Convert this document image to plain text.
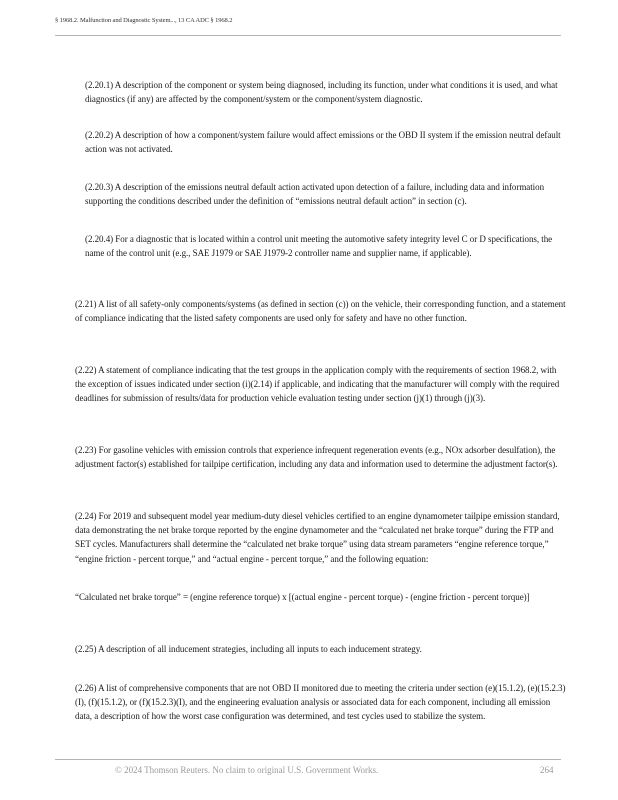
§ 1968.2. Malfunction and Diagnostic System..., 13 CA ADC § 1968.2

(2.20.1) A description of the component or system being diagnosed, including its function, under what conditions it is used, and what diagnostics (if any) are affected by the component/system or the component/system diagnostic.

(2.20.2) A description of how a component/system failure would affect emissions or the OBD II system if the emission neutral default action was not activated.

(2.20.3) A description of the emissions neutral default action activated upon detection of a failure, including data and information supporting the conditions described under the definition of “emissions neutral default action” in section (c).

(2.20.4) For a diagnostic that is located within a control unit meeting the automotive safety integrity level C or D specifications, the name of the control unit (e.g., SAE J1979 or SAE J1979-2 controller name and supplier name, if applicable).

(2.21) A list of all safety-only components/systems (as defined in section (c)) on the vehicle, their corresponding function, and a statement of compliance indicating that the listed safety components are used only for safety and have no other function.

(2.22) A statement of compliance indicating that the test groups in the application comply with the requirements of section 1968.2, with the exception of issues indicated under section (i)(2.14) if applicable, and indicating that the manufacturer will comply with the required deadlines for submission of results/data for production vehicle evaluation testing under section (j)(1) through (j)(3).

(2.23) For gasoline vehicles with emission controls that experience infrequent regeneration events (e.g., NOx adsorber desulfation), the adjustment factor(s) established for tailpipe certification, including any data and information used to determine the adjustment factor(s).

(2.24) For 2019 and subsequent model year medium-duty diesel vehicles certified to an engine dynamometer tailpipe emission standard, data demonstrating the net brake torque reported by the engine dynamometer and the “calculated net brake torque” during the FTP and SET cycles. Manufacturers shall determine the “calculated net brake torque” using data stream parameters “engine reference torque,” “engine friction - percent torque,” and “actual engine - percent torque,” and the following equation:

“Calculated net brake torque” = (engine reference torque) x [(actual engine - percent torque) - (engine friction - percent torque)]

(2.25) A description of all inducement strategies, including all inputs to each inducement strategy.

(2.26) A list of comprehensive components that are not OBD II monitored due to meeting the criteria under section (e)(15.1.2), (e)(15.2.3)(I), (f)(15.1.2), or (f)(15.2.3)(I), and the engineering evaluation analysis or associated data for each component, including all emission data, a description of how the worst case configuration was determined, and test cycles used to stabilize the system.

© 2024 Thomson Reuters. No claim to original U.S. Government Works.	264
